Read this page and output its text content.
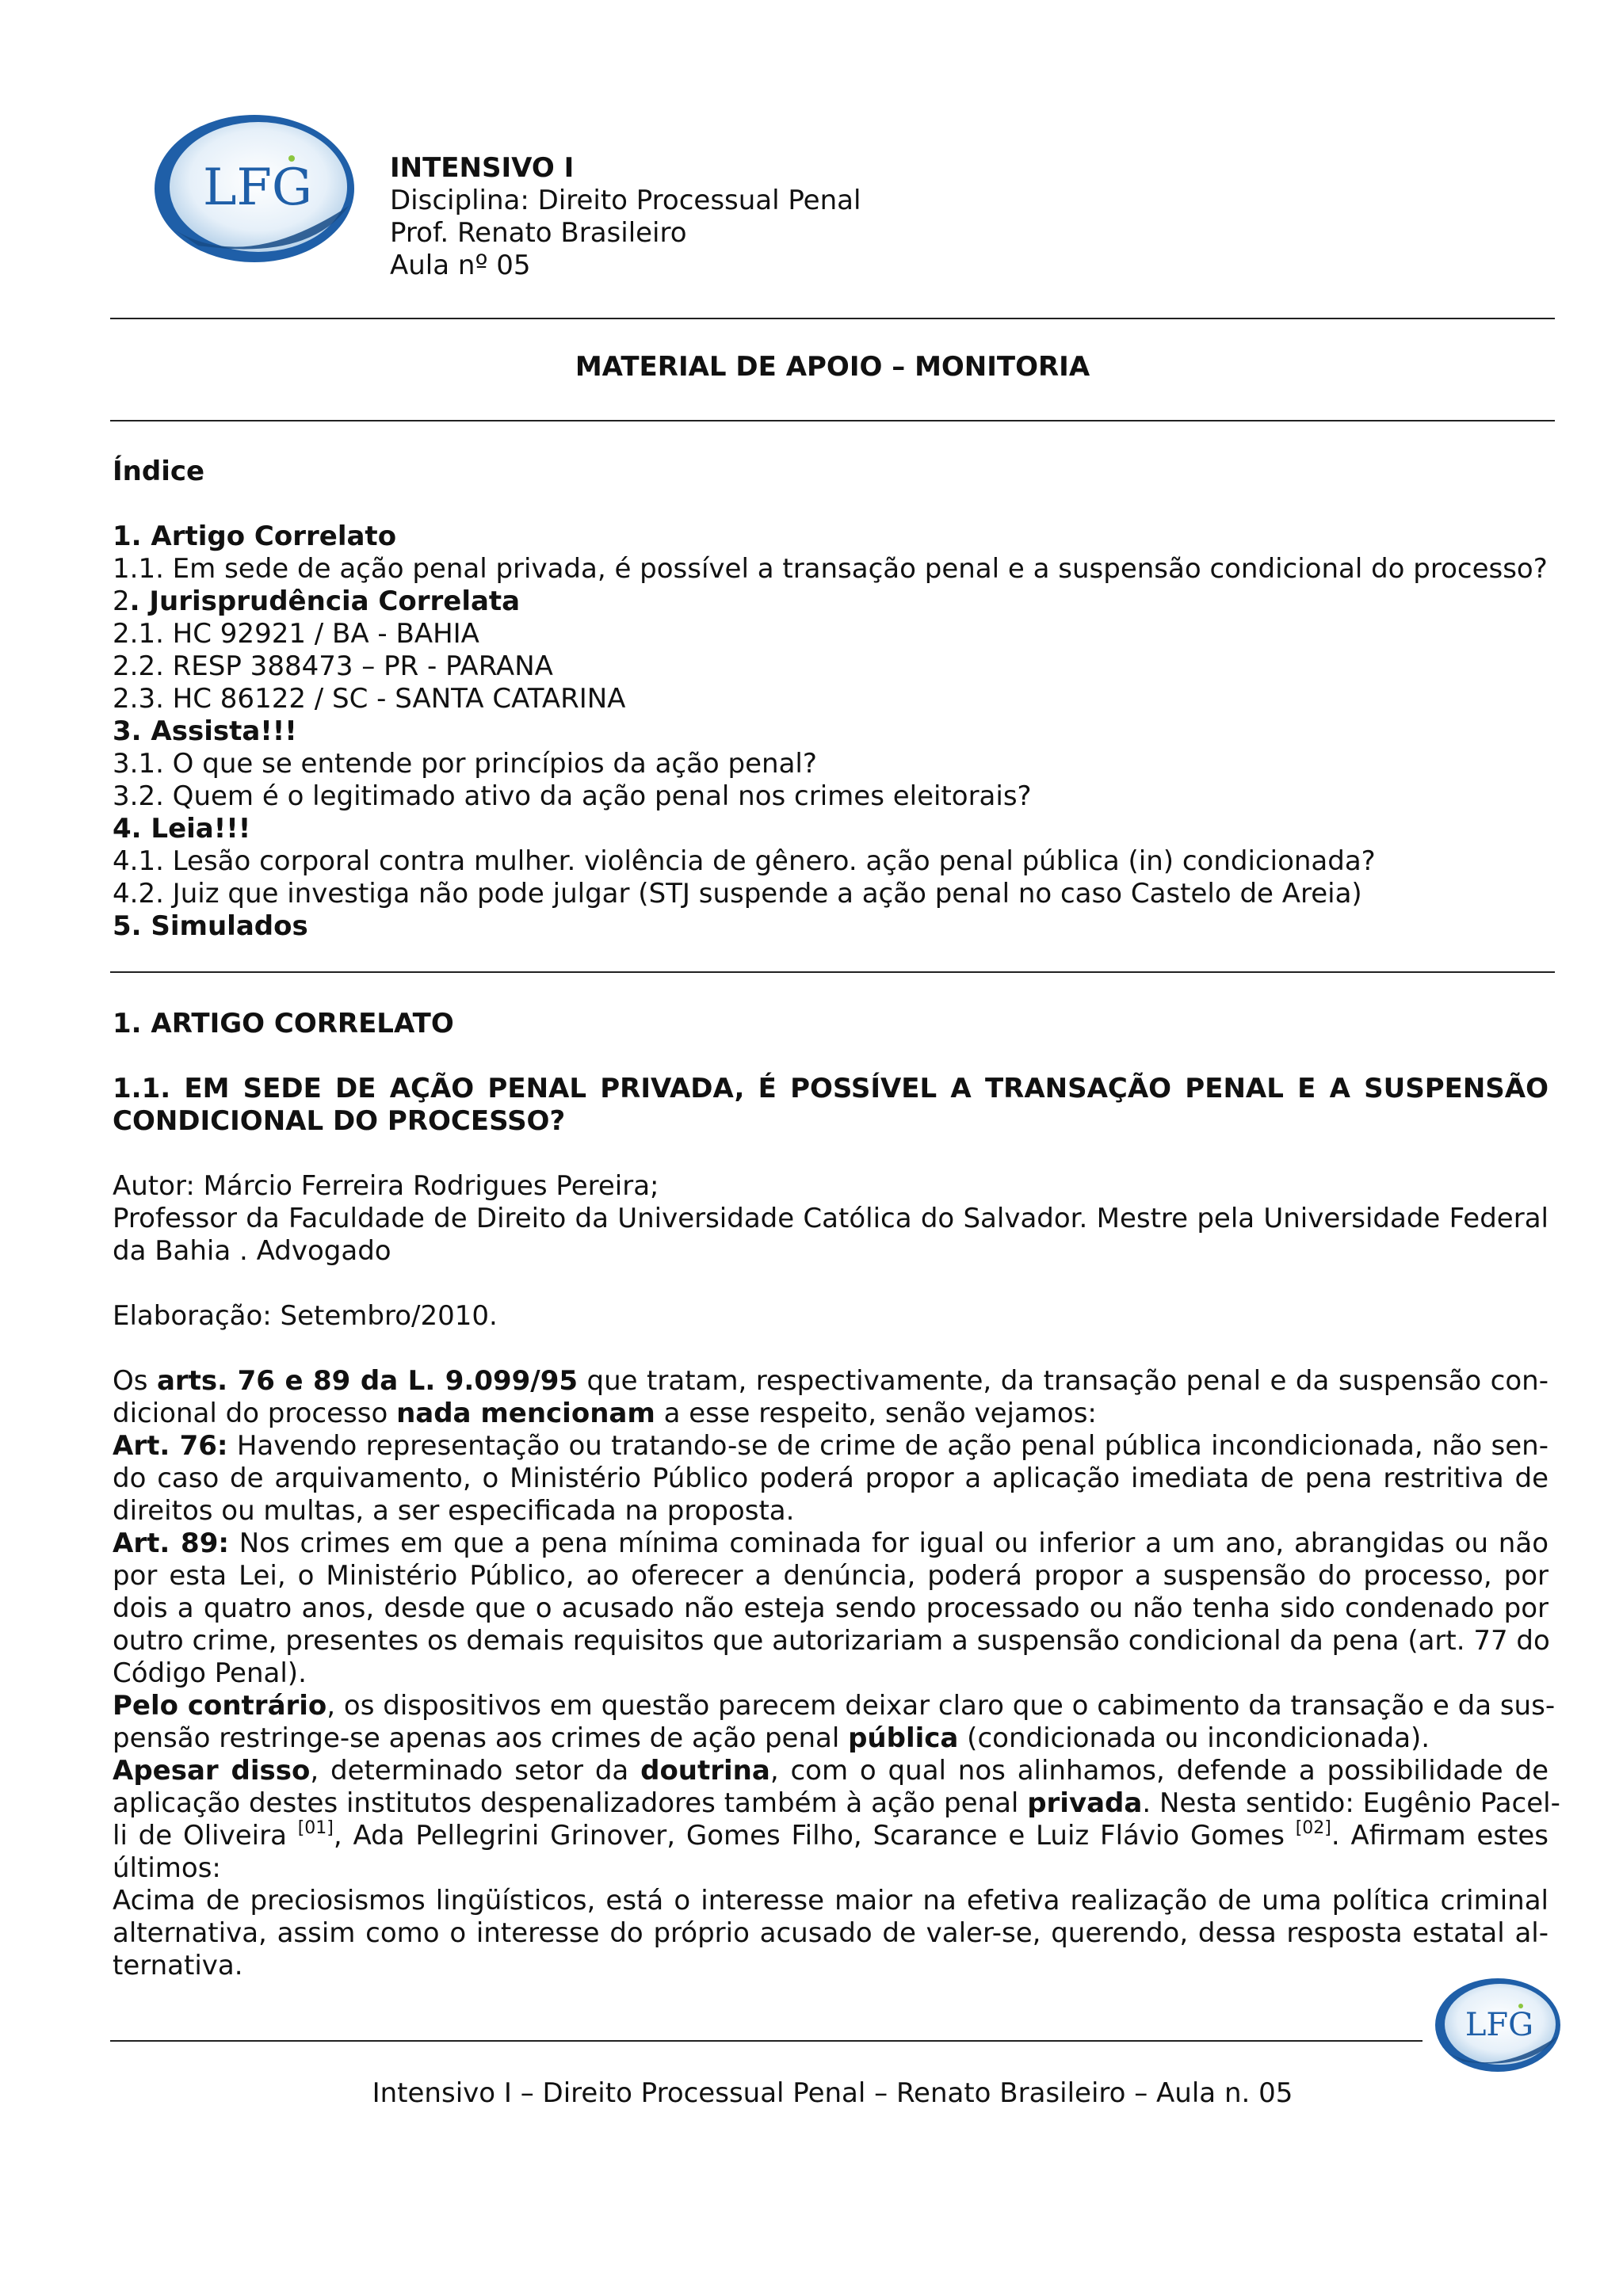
LFG	INTENSIVO I
Disciplina: Direito Processual Penal
Prof. Renato Brasileiro
Aula nº 05
MATERIAL DE APOIO – MONITORIA
Índice
1. Artigo Correlato
1.1. Em sede de ação penal privada, é possível a transação penal e a suspensão condicional do processo?
2. Jurisprudência Correlata
2.1. HC 92921 / BA - BAHIA
2.2. RESP 388473 – PR - PARANA
2.3. HC 86122 / SC - SANTA CATARINA
3. Assista!!!
3.1. O que se entende por princípios da ação penal?
3.2. Quem é o legitimado ativo da ação penal nos crimes eleitorais?
4. Leia!!!
4.1. Lesão corporal contra mulher. violência de gênero. ação penal pública (in) condicionada?
4.2. Juiz que investiga não pode julgar (STJ suspende a ação penal no caso Castelo de Areia)
5. Simulados
1. ARTIGO CORRELATO
1.1. EM SEDE DE AÇÃO PENAL PRIVADA, É POSSÍVEL A TRANSAÇÃO PENAL E A SUSPENSÃO
CONDICIONAL DO PROCESSO?
Autor: Márcio Ferreira Rodrigues Pereira;
Professor da Faculdade de Direito da Universidade Católica do Salvador. Mestre pela Universidade Federal da Bahia . Advogado
Elaboração: Setembro/2010.
Os arts. 76 e 89 da L. 9.099/95 que tratam, respectivamente, da transação penal e da suspensão con-
dicional do processo nada mencionam a esse respeito, senão vejamos:
Art. 76: Havendo representação ou tratando-se de crime de ação penal pública incondicionada, não sen-
do caso de arquivamento, o Ministério Público poderá propor a aplicação imediata de pena restritiva de
direitos ou multas, a ser especificada na proposta.
Art. 89: Nos crimes em que a pena mínima cominada for igual ou inferior a um ano, abrangidas ou não
por esta Lei, o Ministério Público, ao oferecer a denúncia, poderá propor a suspensão do processo, por
dois a quatro anos, desde que o acusado não esteja sendo processado ou não tenha sido condenado por
outro crime, presentes os demais requisitos que autorizariam a suspensão condicional da pena (art. 77 do
Código Penal).
Pelo contrário, os dispositivos em questão parecem deixar claro que o cabimento da transação e da sus-
pensão restringe-se apenas aos crimes de ação penal pública (condicionada ou incondicionada).
Apesar disso, determinado setor da doutrina, com o qual nos alinhamos, defende a possibilidade de
aplicação destes institutos despenalizadores também à ação penal privada. Nesta sentido: Eugênio Pacel-
li de Oliveira [01], Ada Pellegrini Grinover, Gomes Filho, Scarance e Luiz Flávio Gomes [02]. Afirmam estes
últimos:
Acima de preciosismos lingüísticos, está o interesse maior na efetiva realização de uma política criminal
alternativa, assim como o interesse do próprio acusado de valer-se, querendo, dessa resposta estatal al-
ternativa.
LFG
Intensivo I – Direito Processual Penal – Renato Brasileiro – Aula n. 05
